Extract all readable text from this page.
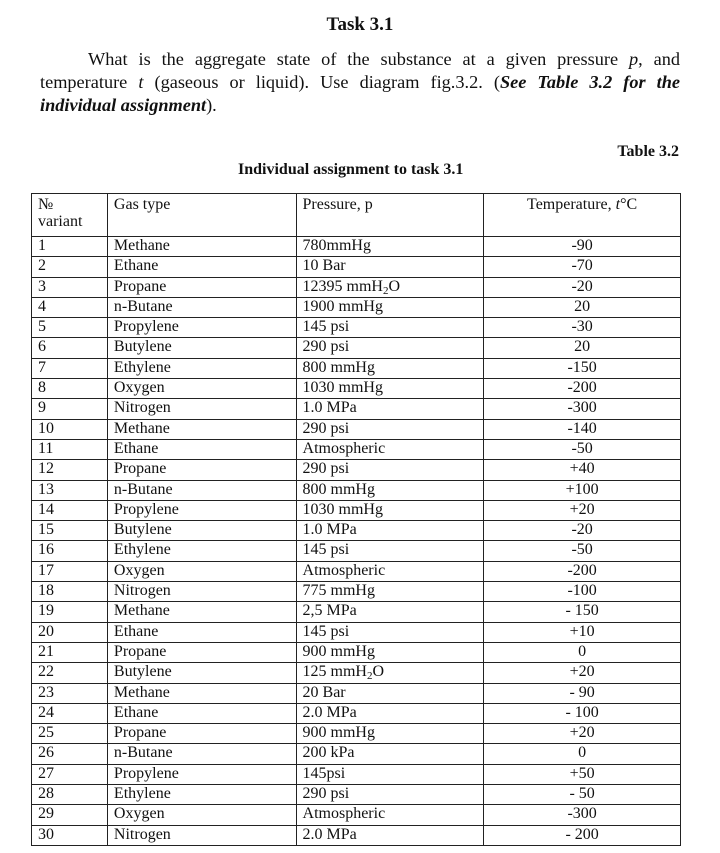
Task 3.1
What is the aggregate state of the substance at a given pressure p, and temperature t (gaseous or liquid). Use diagram fig.3.2. (See Table 3.2 for the individual assignment).
Table 3.2
Individual assignment to task 3.1
№ variant	Gas type	Pressure, p	Temperature, t°C
1	Methane	780mmHg	-90
2	Ethane	10 Bar	-70
3	Propane	12395 mmH$_2$O	-20
4	n-Butane	1900 mmHg	20
5	Propylene	145 psi	-30
6	Butylene	290 psi	20
7	Ethylene	800 mmHg	-150
8	Oxygen	1030 mmHg	-200
9	Nitrogen	1.0 MPa	-300
10	Methane	290 psi	-140
11	Ethane	Atmospheric	-50
12	Propane	290 psi	+40
13	n-Butane	800 mmHg	+100
14	Propylene	1030 mmHg	+20
15	Butylene	1.0 MPa	-20
16	Ethylene	145 psi	-50
17	Oxygen	Atmospheric	-200
18	Nitrogen	775 mmHg	-100
19	Methane	2,5 MPa	- 150
20	Ethane	145 psi	+10
21	Propane	900 mmHg	0
22	Butylene	125 mmH$_2$O	+20
23	Methane	20 Bar	- 90
24	Ethane	2.0 MPa	- 100
25	Propane	900 mmHg	+20
26	n-Butane	200 kPa	0
27	Propylene	145psi	+50
28	Ethylene	290 psi	- 50
29	Oxygen	Atmospheric	-300
30	Nitrogen	2.0 MPa	- 200
